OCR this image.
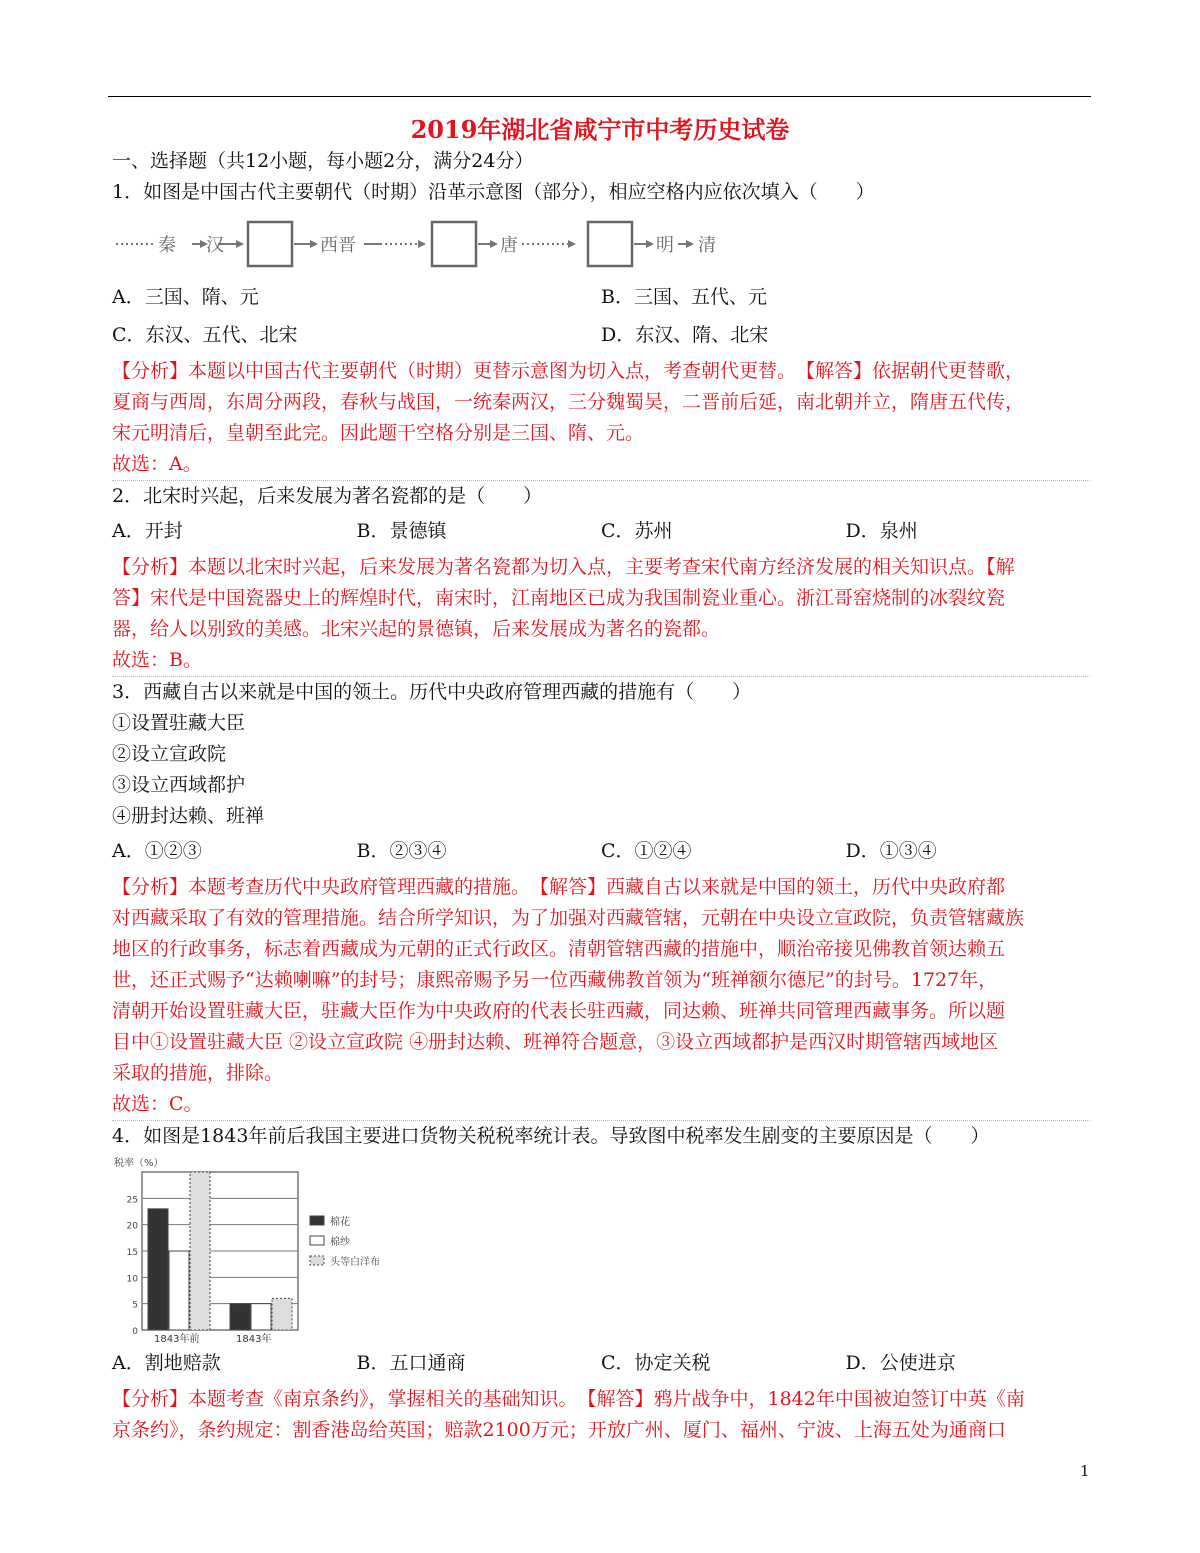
2019年湖北省咸宁市中考历史试卷
一、选择题（共12小题，每小题2分，满分24分）
1．如图是中国古代主要朝代（时期）沿革示意图（部分），相应空格内应依次填入（　　）
秦 汉	西晋	唐	明 清
A．三国、隋、元	B．三国、五代、元
C．东汉、五代、北宋	D．东汉、隋、北宋
【分析】本题以中国古代主要朝代（时期）更替示意图为切入点，考查朝代更替。　【解答】依据朝代更替歌，
夏商与西周，东周分两段，春秋与战国，一统秦两汉，三分魏蜀吴，二晋前后延，南北朝并立，隋唐五代传，
宋元明清后，皇朝至此完。因此题干空格分别是三国、隋、元。
故选：A。
2．北宋时兴起，后来发展为著名瓷都的是（　　）
A．开封	B．景德镇	C．苏州	D．泉州
【分析】本题以北宋时兴起，后来发展为著名瓷都为切入点，主要考查宋代南方经济发展的相关知识点。【解
答】宋代是中国瓷器史上的辉煌时代，南宋时，江南地区已成为我国制瓷业重心。浙江哥窑烧制的冰裂纹瓷
器，给人以别致的美感。北宋兴起的景德镇，后来发展成为著名的瓷都。
故选：B。
3．西藏自古以来就是中国的领土。历代中央政府管理西藏的措施有（　　）
①设置驻藏大臣
②设立宣政院
③设立西域都护
④册封达赖、班禅
A．①②③	B．②③④	C．①②④	D．①③④
【分析】本题考查历代中央政府管理西藏的措施。　【解答】西藏自古以来就是中国的领土，历代中央政府都
对西藏采取了有效的管理措施。结合所学知识，为了加强对西藏管辖，元朝在中央设立宣政院，负责管辖藏族
地区的行政事务，标志着西藏成为元朝的正式行政区。清朝管辖西藏的措施中，顺治帝接见佛教首领达赖五
世，还正式赐予“达赖喇嘛”的封号；康熙帝赐予另一位西藏佛教首领为“班禅额尔德尼”的封号。1727年，
清朝开始设置驻藏大臣，驻藏大臣作为中央政府的代表长驻西藏，同达赖、班禅共同管理西藏事务。所以题
目中①设置驻藏大臣 ②设立宣政院 ④册封达赖、班禅符合题意，③设立西域都护是西汉时期管辖西域地区
采取的措施，排除。
故选：C。
4．如图是1843年前后我国主要进口货物关税税率统计表。导致图中税率发生剧变的主要原因是（　　）
0
5
10
15
20
25
税率（%）
1843年前	1843年
棉花
棉纱
头等白洋布
A．割地赔款	B．五口通商	C．协定关税	D．公使进京
【分析】本题考查《南京条约》，掌握相关的基础知识。　【解答】鸦片战争中，1842年中国被迫签订中英《南
京条约》，条约规定：割香港岛给英国；赔款2100万元；开放广州、厦门、福州、宁波、上海五处为通商口
1
